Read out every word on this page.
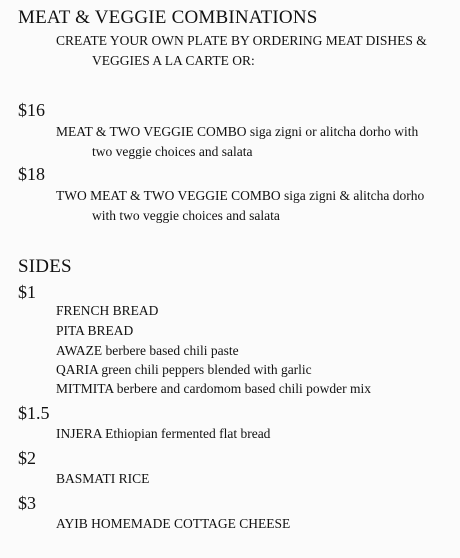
MEAT & VEGGIE COMBINATIONS
CREATE YOUR OWN PLATE BY ORDERING MEAT DISHES &
VEGGIES A LA CARTE OR:
$16
MEAT & TWO VEGGIE COMBO siga zigni or alitcha dorho with
two veggie choices and salata
$18
TWO MEAT & TWO VEGGIE COMBO siga zigni & alitcha dorho
with two veggie choices and salata
SIDES
$1
FRENCH BREAD
PITA BREAD
AWAZE berbere based chili paste
QARIA green chili peppers blended with garlic
MITMITA berbere and cardomom based chili powder mix
$1.5
INJERA Ethiopian fermented flat bread
$2
BASMATI RICE
$3
AYIB HOMEMADE COTTAGE CHEESE
